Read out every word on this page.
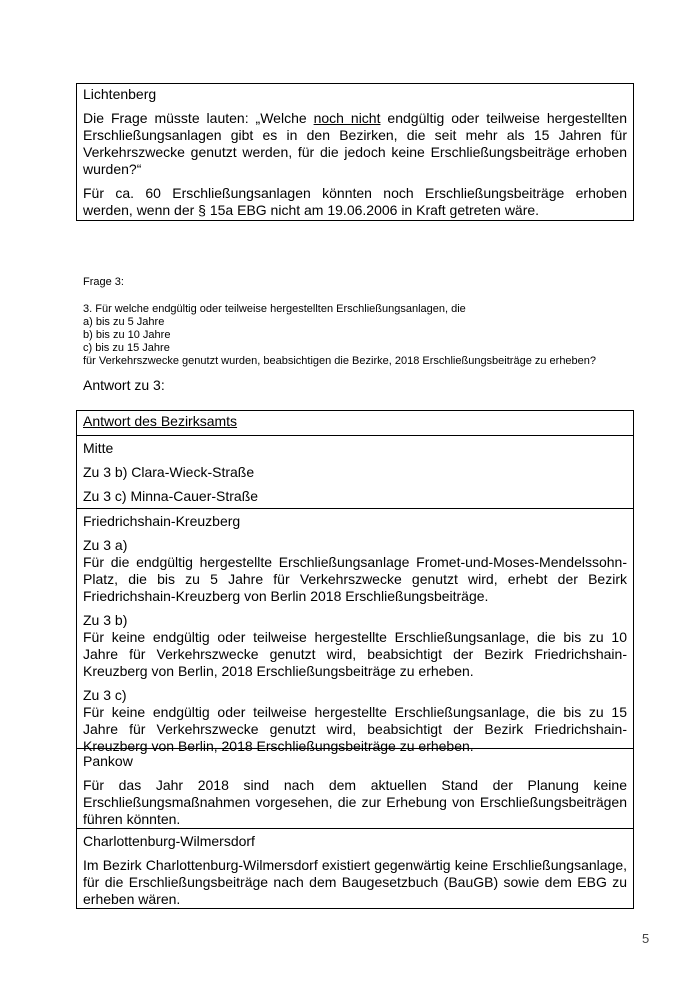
Lichtenberg

Die Frage müsste lauten: „Welche noch nicht endgültig oder teilweise hergestellten Erschließungsanlagen gibt es in den Bezirken, die seit mehr als 15 Jahren für Verkehrszwecke genutzt werden, für die jedoch keine Erschließungsbeiträge erhoben wurden?“

Für ca. 60 Erschließungsanlagen könnten noch Erschließungsbeiträge erhoben werden, wenn der § 15a EBG nicht am 19.06.2006 in Kraft getreten wäre.

Frage 3:
3. Für welche endgültig oder teilweise hergestellten Erschließungsanlagen, die
a) bis zu 5 Jahre
b) bis zu 10 Jahre
c) bis zu 15 Jahre
für Verkehrszwecke genutzt wurden, beabsichtigen die Bezirke, 2018 Erschließungsbeiträge zu erheben?
Antwort zu 3:

Antwort des Bezirksamts

Mitte

Zu 3 b) Clara-Wieck-Straße

Zu 3 c) Minna-Cauer-Straße

Friedrichshain-Kreuzberg

Zu 3 a)

Für die endgültig hergestellte Erschließungsanlage Fromet-und-Moses-Mendelssohn-Platz, die bis zu 5 Jahre für Verkehrszwecke genutzt wird, erhebt der Bezirk Friedrichshain-Kreuzberg von Berlin 2018 Erschließungsbeiträge.

Zu 3 b)

Für keine endgültig oder teilweise hergestellte Erschließungsanlage, die bis zu 10 Jahre für Verkehrszwecke genutzt wird, beabsichtigt der Bezirk Friedrichshain-Kreuzberg von Berlin, 2018 Erschließungsbeiträge zu erheben.

Zu 3 c)

Für keine endgültig oder teilweise hergestellte Erschließungsanlage, die bis zu 15 Jahre für Verkehrszwecke genutzt wird, beabsichtigt der Bezirk Friedrichshain-Kreuzberg von Berlin, 2018 Erschließungsbeiträge zu erheben.

Pankow

Für das Jahr 2018 sind nach dem aktuellen Stand der Planung keine Erschließungsmaßnahmen vorgesehen, die zur Erhebung von Erschließungsbeiträgen führen könnten.

Charlottenburg-Wilmersdorf

Im Bezirk Charlottenburg-Wilmersdorf existiert gegenwärtig keine Erschließungsanlage, für die Erschließungsbeiträge nach dem Baugesetzbuch (BauGB) sowie dem EBG zu erheben wären.

5
